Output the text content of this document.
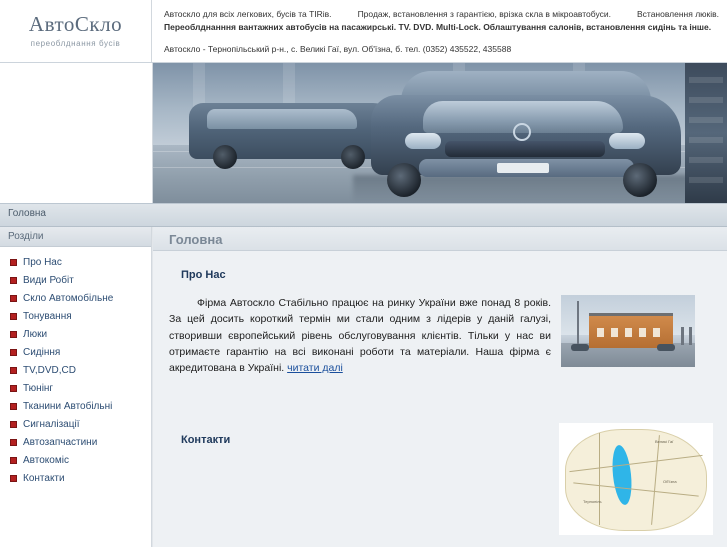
АвтоСкло
переоблднання бусів
Автоскло для всіх легкових, бусів та TIRів.	Продаж, встановлення з гарантією, врізка скла в мікроавтобуси.	Встановлення люків.
Переоблднанння вантажних автобусів на пасажирські. TV. DVD. Multi-Lock. Облаштування салонів, встановлення сидінь та інше.
Автоскло - Тернопільський р-н., с. Великі Гаї, вул. Об'їзна, б. тел. (0352) 435522, 435588
Головна
Розділи
Про Нас
Види Робіт
Скло Автомобільне
Тонування
Люки
Сидіння
TV,DVD,CD
Тюнінг
Тканини Автобільні
Сигналізації
Автозапчастини
Автокоміс
Контакти
Головна
Про Нас
Фірма Автоскло Стабільно працює на ринку України вже понад 8 років. За цей досить короткий термін ми стали одним з лідерів у даній галузі, створивши європейський рівень обслуговування клієнтів. Тільки у нас ви отримаєте гарантію на всі виконані роботи та матеріали. Наша фірма є акредитована в Україні. читати далі
Контакти	Великі Гаї
Тернопіль
Об'їзна
